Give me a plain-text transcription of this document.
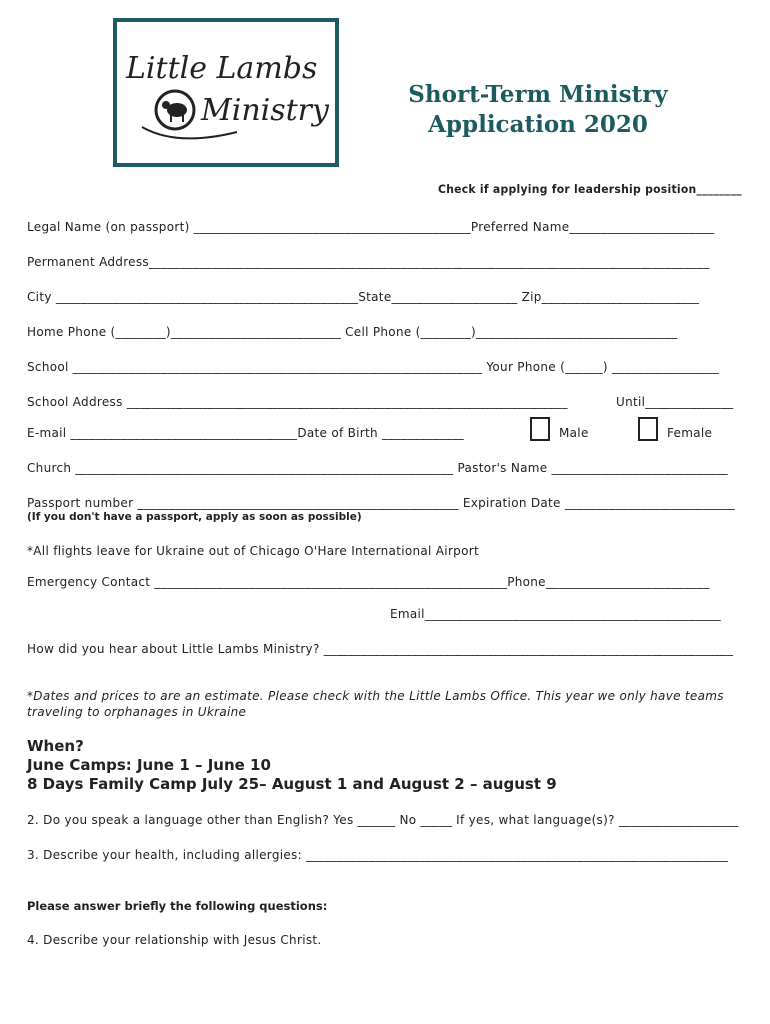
Little Lambs
Ministry	Short-Term Ministry
Application 2020
Check if applying for leadership position________
Legal Name (on passport) ____________________________________________Preferred Name_______________________
Permanent Address_________________________________________________________________________________________
City ________________________________________________State____________________ Zip_________________________
Home Phone (________)___________________________ Cell Phone (________)________________________________
School _________________________________________________________________ Your Phone (______) _________________
School Address ______________________________________________________________________	Until______________
E-mail ____________________________________Date of Birth _____________	Male	Female
Church ____________________________________________________________ Pastor's Name ____________________________
Passport number ___________________________________________________ Expiration Date ___________________________
(If you don't have a passport, apply as soon as possible)
*All flights leave for Ukraine out of Chicago O'Hare International Airport
Emergency Contact ________________________________________________________Phone__________________________
Email_______________________________________________
How did you hear about Little Lambs Ministry? _________________________________________________________________
*Dates and prices to are an estimate. Please check with the Little Lambs Office. This year we only have teams
traveling to orphanages in Ukraine
When?
June Camps: June 1 – June 10
8 Days Family Camp July 25– August 1 and August 2 – august 9
2. Do you speak a language other than English? Yes ______ No _____ If yes, what language(s)? ___________________
3. Describe your health, including allergies: ___________________________________________________________________
Please answer briefly the following questions:
4. Describe your relationship with Jesus Christ.
